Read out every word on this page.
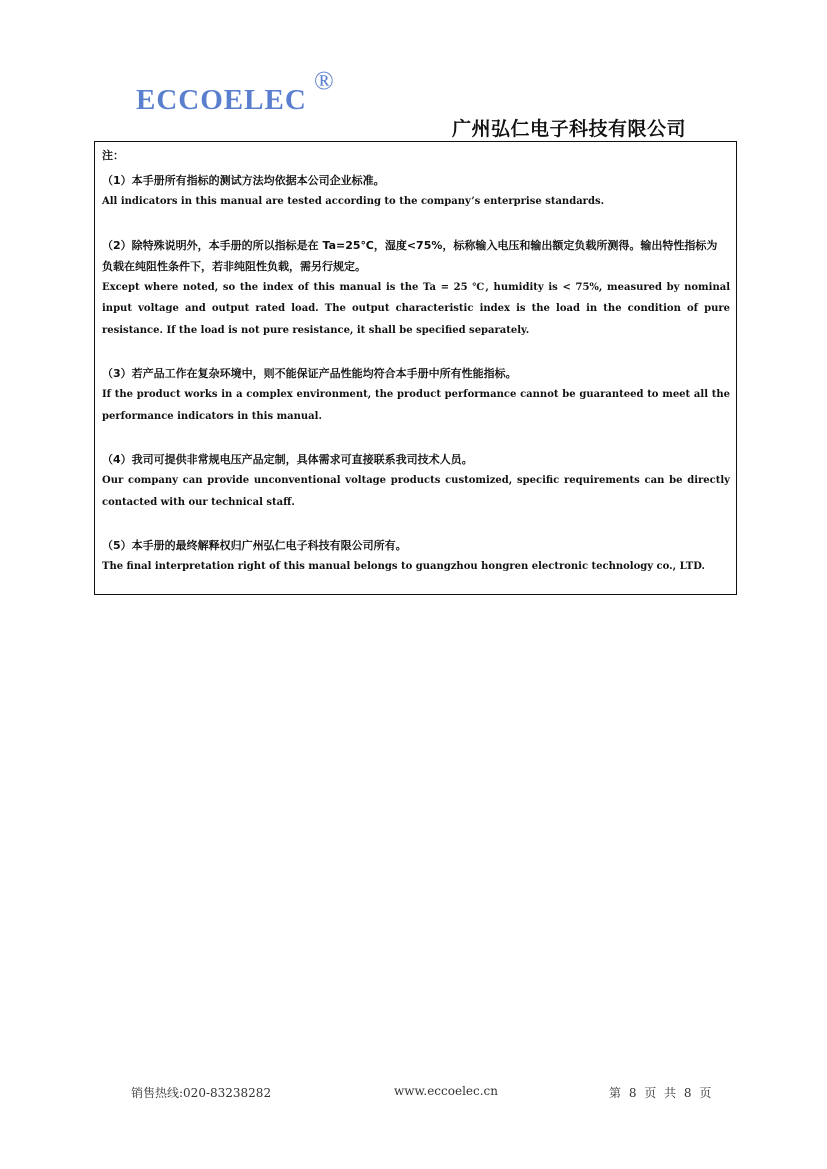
ECCOELEC
®
广州弘仁电子科技有限公司

注：

（1）本手册所有指标的测试方法均依据本公司企业标准。

All indicators in this manual are tested according to the company’s enterprise standards.

（2）除特殊说明外，本手册的所以指标是在 Ta=25℃，湿度<75%，标称输入电压和输出额定负载所测得。输出特性指标为负载在纯阻性条件下，若非纯阻性负载，需另行规定。

Except where noted, so the index of this manual is the Ta = 25 ℃, humidity is < 75%, measured by nominal input voltage and output rated load. The output characteristic index is the load in the condition of pure resistance. If the load is not pure resistance, it shall be specified separately.

（3）若产品工作在复杂环境中，则不能保证产品性能均符合本手册中所有性能指标。

If the product works in a complex environment, the product performance cannot be guaranteed to meet all the performance indicators in this manual.

（4）我司可提供非常规电压产品定制，具体需求可直接联系我司技术人员。

Our company can provide unconventional voltage products customized, specific requirements can be directly contacted with our technical staff.

（5）本手册的最终解释权归广州弘仁电子科技有限公司所有。

The final interpretation right of this manual belongs to guangzhou hongren electronic technology co., LTD.

销售热线:020-83238282	www.eccoelec.cn	第 8 页 共 8 页
